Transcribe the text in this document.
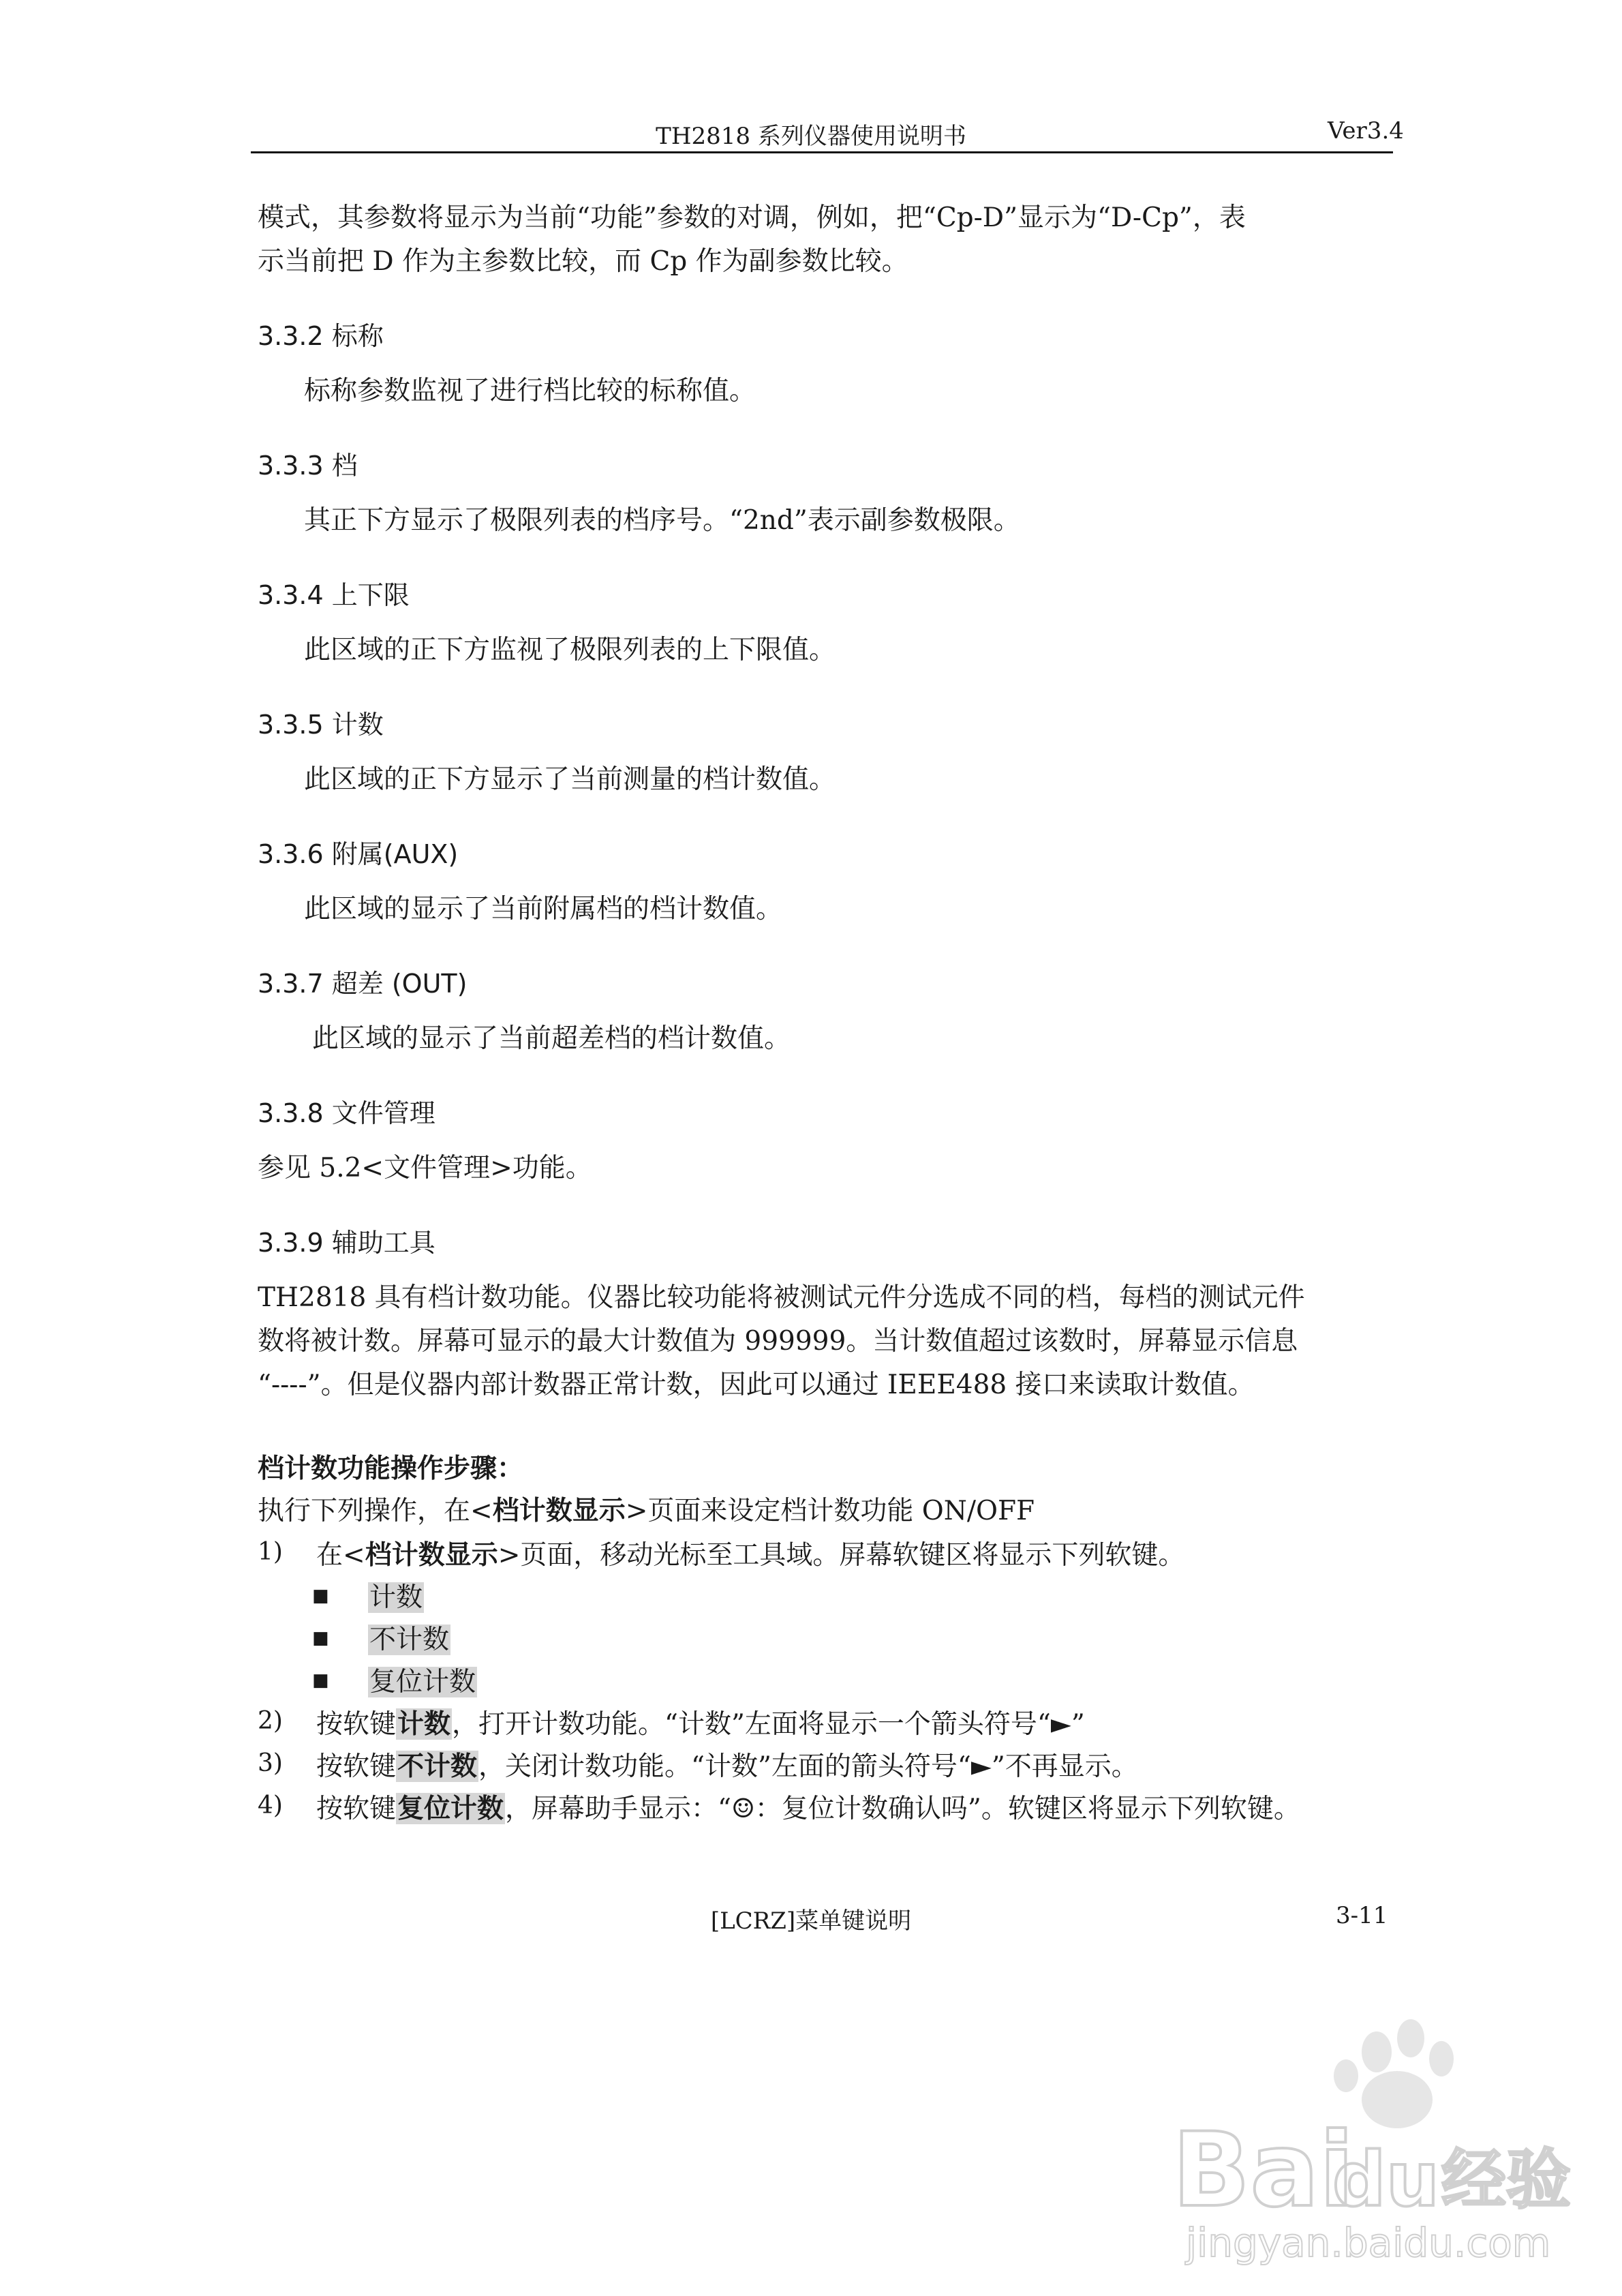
TH2818 系列仪器使用说明书	Ver3.4
模式，其参数将显示为当前“功能”参数的对调，例如，把“Cp-D”显示为“D-Cp”，表
示当前把 D 作为主参数比较，而 Cp 作为副参数比较。
3.3.2 标称
标称参数监视了进行档比较的标称值。
3.3.3 档
其正下方显示了极限列表的档序号。“2nd”表示副参数极限。
3.3.4 上下限
此区域的正下方监视了极限列表的上下限值。
3.3.5 计数
此区域的正下方显示了当前测量的档计数值。
3.3.6 附属(AUX)
此区域的显示了当前附属档的档计数值。
3.3.7 超差 (OUT)
此区域的显示了当前超差档的档计数值。
3.3.8 文件管理
参见 5.2<文件管理>功能。
3.3.9 辅助工具
TH2818 具有档计数功能。仪器比较功能将被测试元件分选成不同的档，每档的测试元件
数将被计数。屏幕可显示的最大计数值为 999999。当计数值超过该数时，屏幕显示信息
“----”。但是仪器内部计数器正常计数，因此可以通过 IEEE488 接口来读取计数值。
档计数功能操作步骤：
执行下列操作，在<档计数显示>页面来设定档计数功能 ON/OFF
1) 在<档计数显示>页面，移动光标至工具域。屏幕软键区将显示下列软键。
■ 计数
■ 不计数
■ 复位计数
2) 按软键计数，打开计数功能。“计数”左面将显示一个箭头符号“►”
3) 按软键不计数，关闭计数功能。“计数”左面的箭头符号“►”不再显示。
4) 按软键复位计数，屏幕助手显示：“☺：复位计数确认吗”。软键区将显示下列软键。
[LCRZ]菜单键说明	3-11
Bai
du 经验
jingyan.baidu.com
